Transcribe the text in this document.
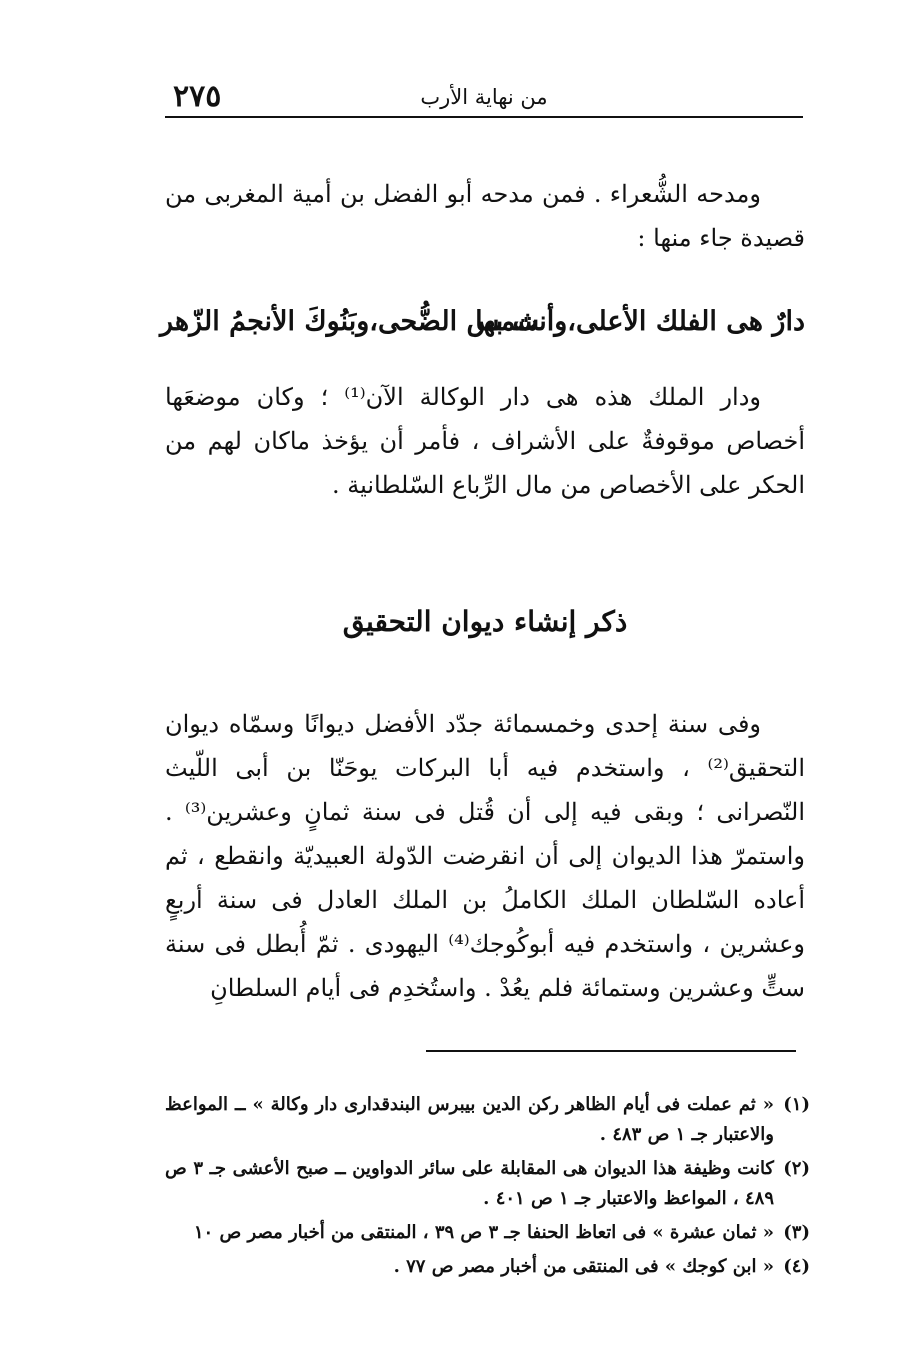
٢٧٥	من نهاية الأرب

ومدحه الشُّعراء . فمن مدحه أبو الفضل بن أمية المغربى من قصيدة جاء منها :

دارٌ هى الفلك الأعلى،وأنت بها
شمس الضُّحى،وبَنُوكَ الأنجمُ الزّهر

ودار الملك هذه هى دار الوكالة الآن⁽¹⁾ ؛ وكان موضعَها أخصاص موقوفةٌ على الأشراف ، فأمر أن يؤخذ ماكان لهم من الحكر على الأخصاص من مال الرِّباع السّلطانية .

ذكر إنشاء ديوان التحقيق

وفى سنة إحدى وخمسمائة جدّد الأفضل ديوانًا وسمّاه ديوان التحقيق⁽²⁾ ، واستخدم فيه أبا البركات يوحَنّا بن أبى اللّيث النّصرانى ؛ وبقى فيه إلى أن قُتل فى سنة ثمانٍ وعشرين⁽³⁾ . واستمرّ هذا الديوان إلى أن انقرضت الدّولة العبيديّة وانقطع ، ثم أعاده السّلطان الملك الكاملُ بن الملك العادل فى سنة أربعٍ وعشرين ، واستخدم فيه أبوكُوجك⁽⁴⁾ اليهودى . ثمّ أُبطل فى سنة ستٍّ وعشرين وستمائة فلم يعُدْ . واستُخدِم فى أيام السلطانِ

(١)
« ثم عملت فى أيام الظاهر ركن الدين بيبرس البندقدارى دار وكالة » ــ المواعظ والاعتبار جـ ١ ص ٤٨٣ .

(٢)
كانت وظيفة هذا الديوان هى المقابلة على سائر الدواوين ــ صبح الأعشى جـ ٣ ص ٤٨٩ ، المواعظ والاعتبار جـ ١ ص ٤٠١ .

(٣)
« ثمان عشرة » فى اتعاظ الحنفا جـ ٣ ص ٣٩ ، المنتقى من أخبار مصر ص ١٠

(٤)
« ابن كوجك » فى المنتقى من أخبار مصر ص ٧٧ .
